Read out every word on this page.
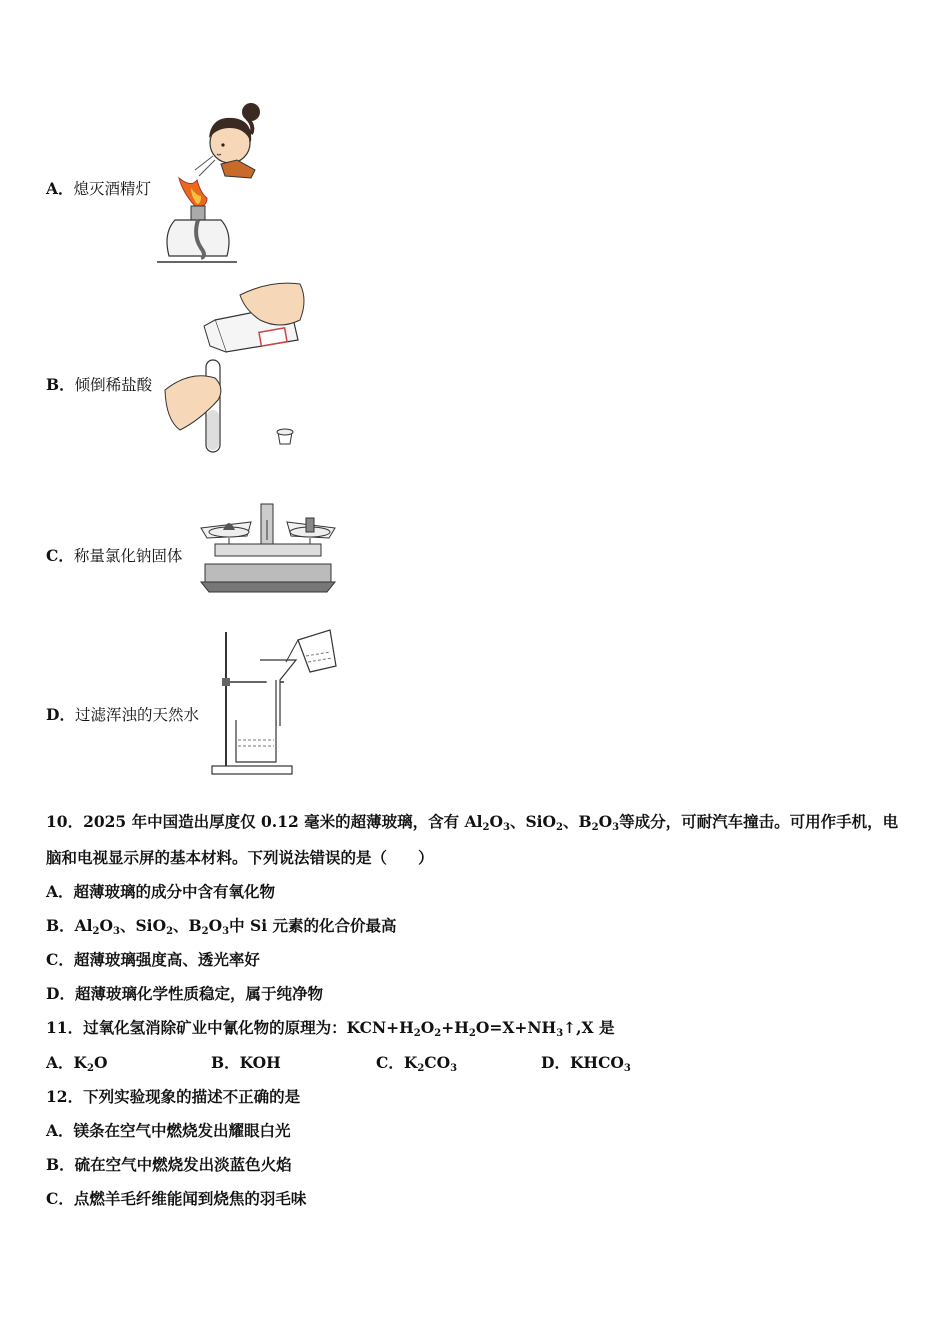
A．熄灭酒精灯
B．倾倒稀盐酸
C．称量氯化钠固体
D．过滤浑浊的天然水
10．2025 年中国造出厚度仅 0.12 毫米的超薄玻璃，含有 $Al_2O_3$、SiO$_2$、$B_2O_3$等成分，可耐汽车撞击。可用作手机，电
脑和电视显示屏的基本材料。下列说法错误的是（　　）
A．超薄玻璃的成分中含有氧化物
B．$Al_2O_3$、SiO$_2$、$B_2O_3$中 Si 元素的化合价最高
C．超薄玻璃强度高、透光率好
D．超薄玻璃化学性质稳定，属于纯净物
11．过氧化氢消除矿业中氰化物的原理为：$KCN+H_2O_2+H_2O=X+NH_3↑,X$ 是
A．$K_2O$	B．KOH	C．$K_2CO_3$	D．$KHCO_3$
12．下列实验现象的描述不正确的是
A．镁条在空气中燃烧发出耀眼白光
B．硫在空气中燃烧发出淡蓝色火焰
C．点燃羊毛纤维能闻到烧焦的羽毛味
